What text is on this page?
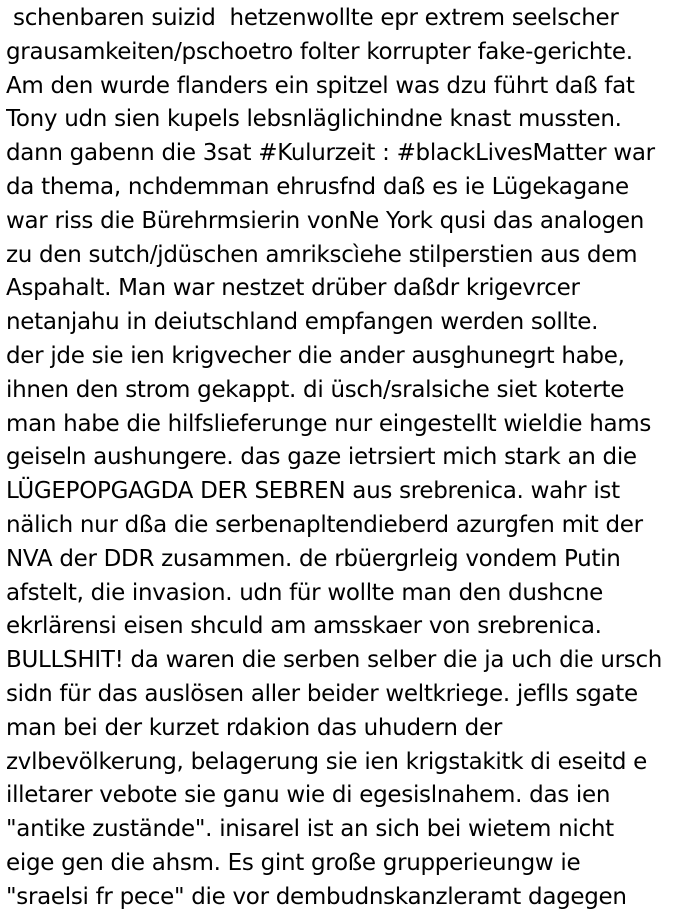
schenbaren suizid  hetzenwollte epr extrem seelscher
grausamkeiten/pschoetro folter korrupter fake-gerichte.
Am den wurde flanders ein spitzel was dzu führt daß fat
Tony udn sien kupels lebsnläglichindne knast mussten.
dann gabenn die 3sat #Kulurzeit : #blackLivesMatter war
da thema, nchdemman ehrusfnd daß es ie Lügekagane
war riss die Bürehrmsierin vonNe York qusi das analogen
zu den sutch/jdüschen amrikscìehe stilperstien aus dem
Aspahalt. Man war nestzet drüber daßdr krigevrcer
netanjahu in deiutschland empfangen werden sollte.
der jde sie ien krigvecher die ander ausghunegrt habe,
ihnen den strom gekappt. di üsch/sralsiche siet koterte
man habe die hilfslieferunge nur eingestellt wieldie hams
geiseln aushungere. das gaze ietrsiert mich stark an die
LÜGEPOPGAGDA DER SEBREN aus srebrenica. wahr ist
nälich nur dßa die serbenapltendieberd azurgfen mit der
NVA der DDR zusammen. de rbüergrleig vondem Putin
afstelt, die invasion. udn für wollte man den dushcne
ekrlärensi eisen shculd am amsskaer von srebrenica.
BULLSHIT! da waren die serben selber die ja uch die ursch
sidn für das auslösen aller beider weltkriege. jeflls sgate
man bei der kurzet rdakion das uhudern der
zvlbevölkerung, belagerung sie ien krigstakitk di eseitd e
illetarer vebote sie ganu wie di egesislnahem. das ien
"antike zustände". inisarel ist an sich bei wietem nicht
eige gen die ahsm. Es gint große grupperieungw ie
"sraelsi fr pece" die vor dembudnskanzleramt dagegen
